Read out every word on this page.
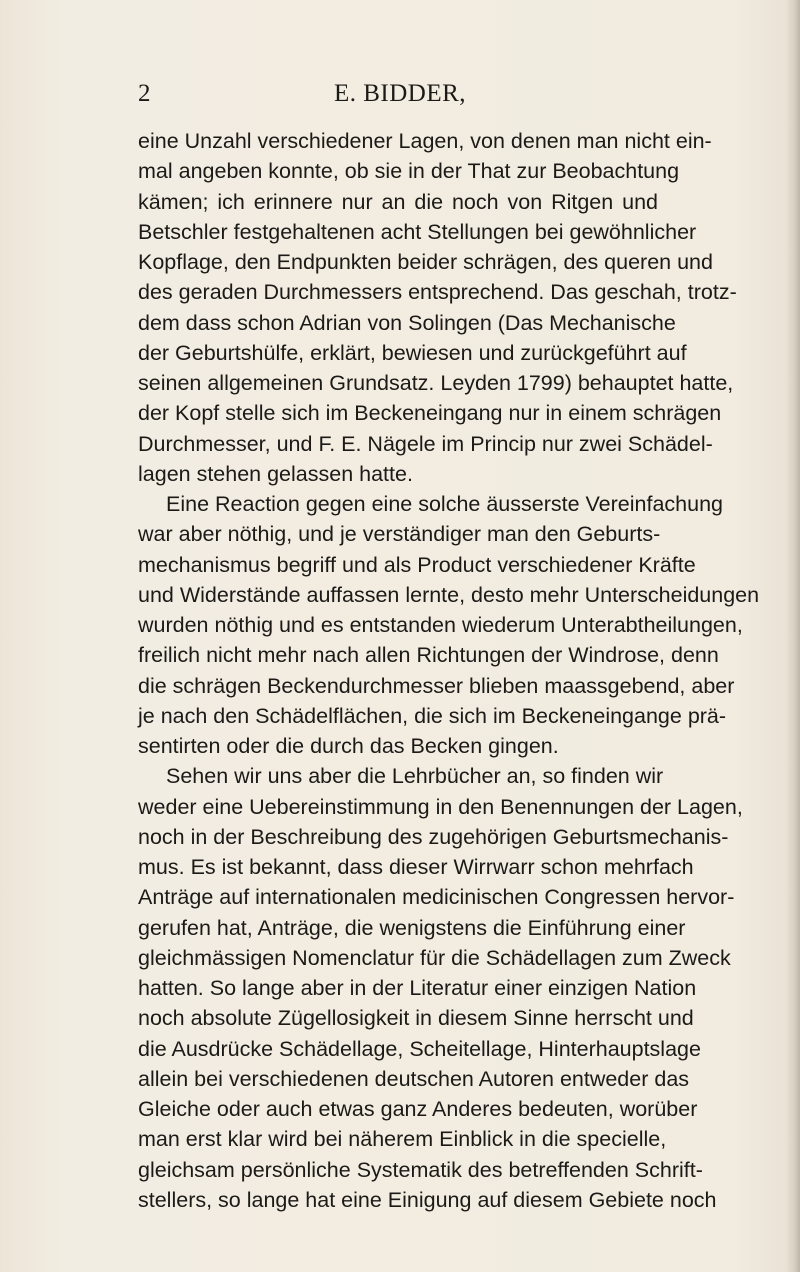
2	E. BIDDER,
eine Unzahl verschiedener Lagen, von denen man nicht ein-
mal angeben konnte, ob sie in der That zur Beobachtung
kämen; ich erinnere nur an die noch von Ritgen und
Betschler festgehaltenen acht Stellungen bei gewöhnlicher
Kopflage, den Endpunkten beider schrägen, des queren und
des geraden Durchmessers entsprechend. Das geschah, trotz-
dem dass schon Adrian von Solingen (Das Mechanische
der Geburtshülfe, erklärt, bewiesen und zurückgeführt auf
seinen allgemeinen Grundsatz. Leyden 1799) behauptet hatte,
der Kopf stelle sich im Beckeneingang nur in einem schrägen
Durchmesser, und F. E. Nägele im Princip nur zwei Schädel-
lagen stehen gelassen hatte.
Eine Reaction gegen eine solche äusserste Vereinfachung
war aber nöthig, und je verständiger man den Geburts-
mechanismus begriff und als Product verschiedener Kräfte
und Widerstände auffassen lernte, desto mehr Unterscheidungen
wurden nöthig und es entstanden wiederum Unterabtheilungen,
freilich nicht mehr nach allen Richtungen der Windrose, denn
die schrägen Beckendurchmesser blieben maassgebend, aber
je nach den Schädelflächen, die sich im Beckeneingange prä-
sentirten oder die durch das Becken gingen.
Sehen wir uns aber die Lehrbücher an, so finden wir
weder eine Uebereinstimmung in den Benennungen der Lagen,
noch in der Beschreibung des zugehörigen Geburtsmechanis-
mus. Es ist bekannt, dass dieser Wirrwarr schon mehrfach
Anträge auf internationalen medicinischen Congressen hervor-
gerufen hat, Anträge, die wenigstens die Einführung einer
gleichmässigen Nomenclatur für die Schädellagen zum Zweck
hatten. So lange aber in der Literatur einer einzigen Nation
noch absolute Zügellosigkeit in diesem Sinne herrscht und
die Ausdrücke Schädellage, Scheitellage, Hinterhauptslage
allein bei verschiedenen deutschen Autoren entweder das
Gleiche oder auch etwas ganz Anderes bedeuten, worüber
man erst klar wird bei näherem Einblick in die specielle,
gleichsam persönliche Systematik des betreffenden Schrift-
stellers, so lange hat eine Einigung auf diesem Gebiete noch
